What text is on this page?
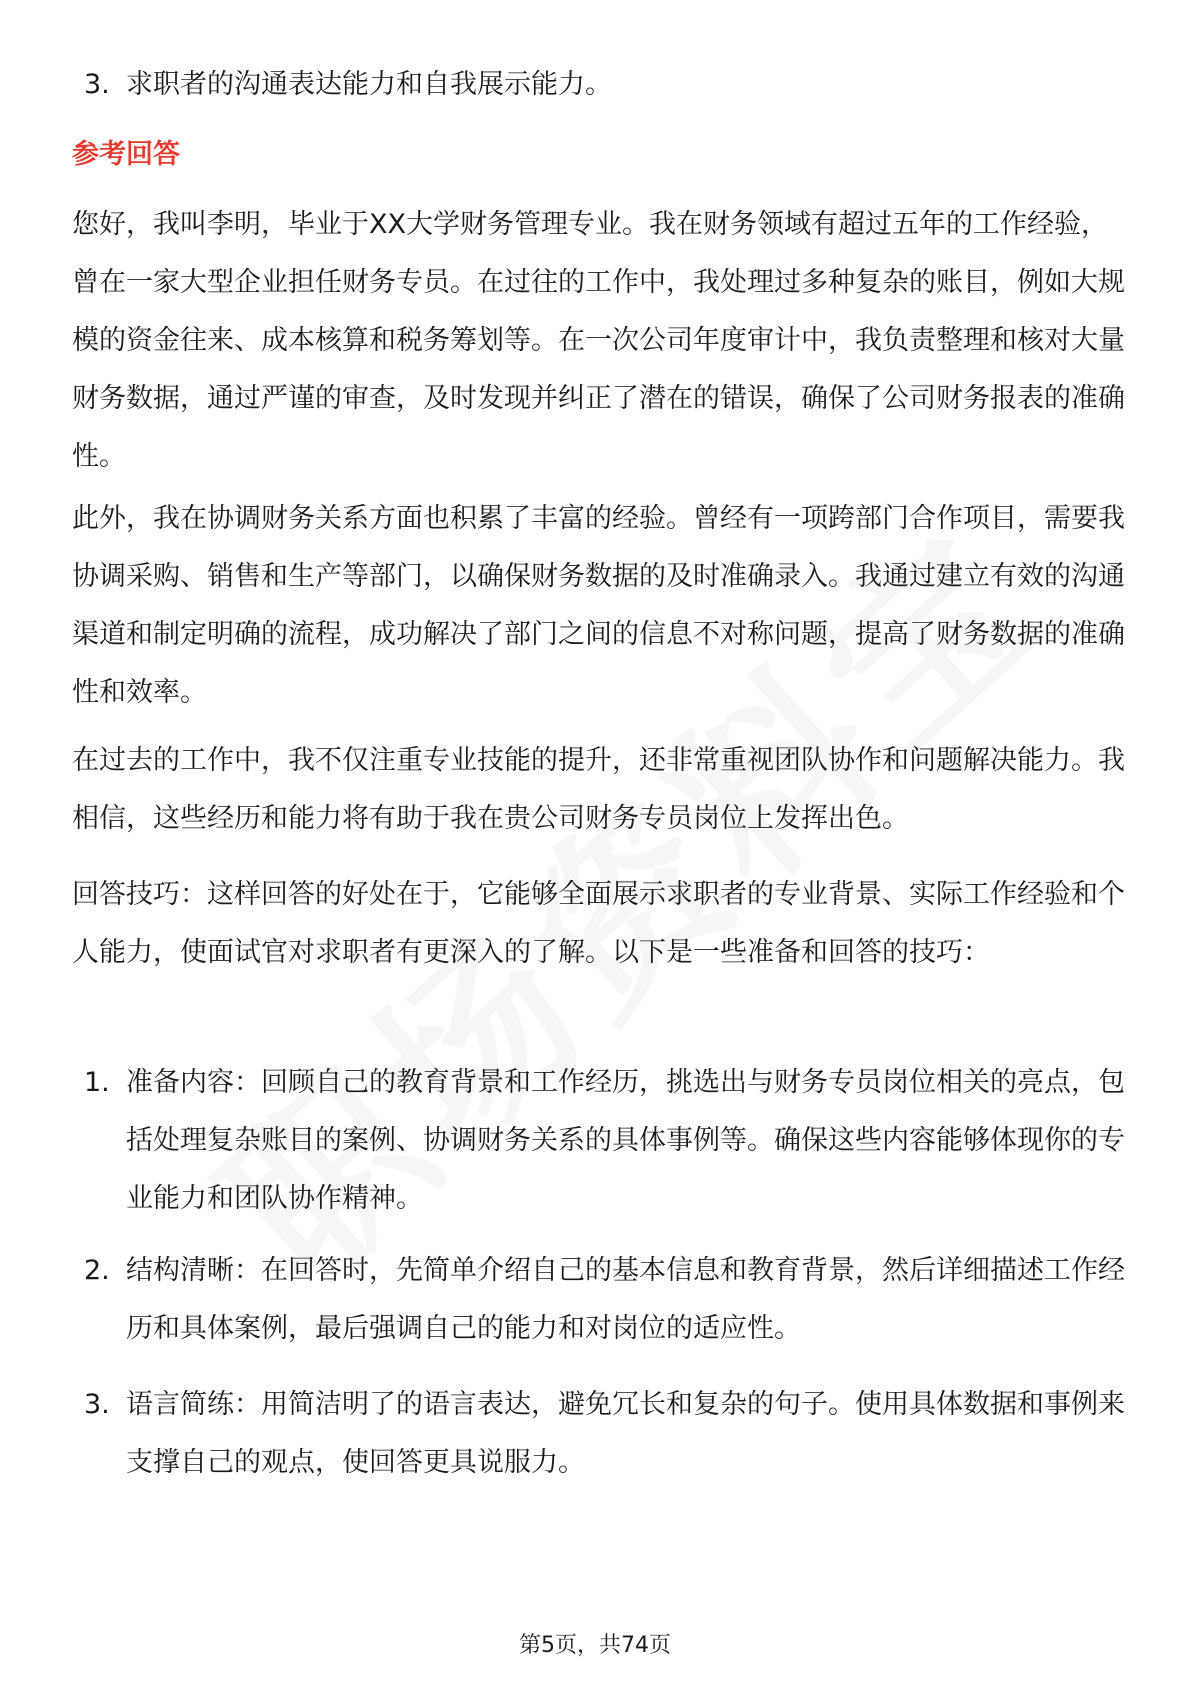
3. 求职者的沟通表达能力和自我展示能力。
参考回答
您好，我叫李明，毕业于XX大学财务管理专业。我在财务领域有超过五年的工作经验，曾在一家大型企业担任财务专员。在过往的工作中，我处理过多种复杂的账目，例如大规模的资金往来、成本核算和税务筹划等。在一次公司年度审计中，我负责整理和核对大量财务数据，通过严谨的审查，及时发现并纠正了潜在的错误，确保了公司财务报表的准确性。
此外，我在协调财务关系方面也积累了丰富的经验。曾经有一项跨部门合作项目，需要我协调采购、销售和生产等部门，以确保财务数据的及时准确录入。我通过建立有效的沟通渠道和制定明确的流程，成功解决了部门之间的信息不对称问题，提高了财务数据的准确性和效率。
在过去的工作中，我不仅注重专业技能的提升，还非常重视团队协作和问题解决能力。我相信，这些经历和能力将有助于我在贵公司财务专员岗位上发挥出色。
回答技巧：这样回答的好处在于，它能够全面展示求职者的专业背景、实际工作经验和个人能力，使面试官对求职者有更深入的了解。以下是一些准备和回答的技巧：
1. 准备内容：回顾自己的教育背景和工作经历，挑选出与财务专员岗位相关的亮点，包括处理复杂账目的案例、协调财务关系的具体事例等。确保这些内容能够体现你的专业能力和团队协作精神。
2. 结构清晰：在回答时，先简单介绍自己的基本信息和教育背景，然后详细描述工作经历和具体案例，最后强调自己的能力和对岗位的适应性。
3. 语言简练：用简洁明了的语言表达，避免冗长和复杂的句子。使用具体数据和事例来支撑自己的观点，使回答更具说服力。
第5页，共74页
